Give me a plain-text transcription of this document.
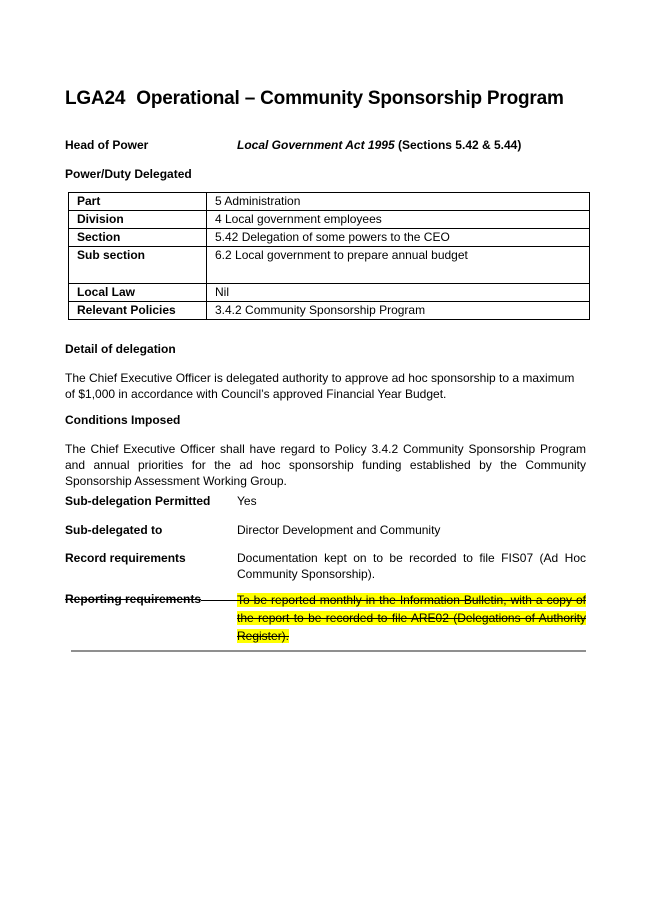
LGA24 Operational – Community Sponsorship Program
Head of Power	Local Government Act 1995 (Sections 5.42 & 5.44)
Power/Duty Delegated
Part	5 Administration
Division	4 Local government employees
Section	5.42 Delegation of some powers to the CEO
Sub section	6.2 Local government to prepare annual budget
Local Law	Nil
Relevant Policies	3.4.2 Community Sponsorship Program
Detail of delegation

The Chief Executive Officer is delegated authority to approve ad hoc sponsorship to a maximum of $1,000 in accordance with Council’s approved Financial Year Budget.

Conditions Imposed

The Chief Executive Officer shall have regard to Policy 3.4.2 Community Sponsorship Program and annual priorities for the ad hoc sponsorship funding established by the Community Sponsorship Assessment Working Group.

Sub-delegation Permitted	Yes
Sub-delegated to	Director Development and Community
Record requirements	Documentation kept on to be recorded to file FIS07 (Ad Hoc Community Sponsorship).
Reporting requirements	To be reported monthly in the Information Bulletin, with a copy of the report to be recorded to file ARE02 (Delegations of Authority Register).
